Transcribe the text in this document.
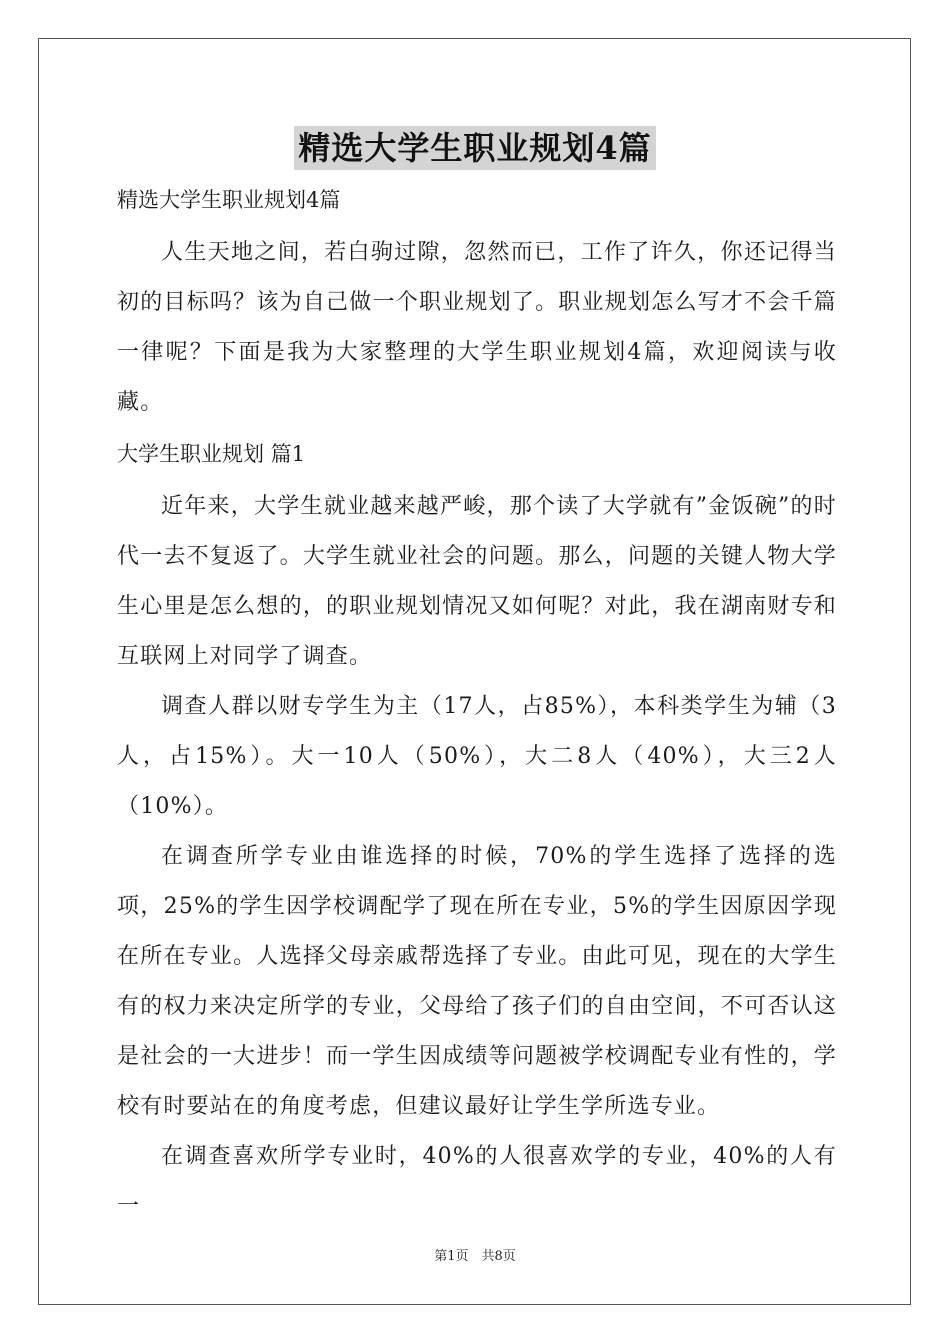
精选大学生职业规划4篇

精选大学生职业规划4篇

人生天地之间，若白驹过隙，忽然而已，工作了许久，你还记得当初的目标吗？该为自己做一个职业规划了。职业规划怎么写才不会千篇一律呢？下面是我为大家整理的大学生职业规划4篇，欢迎阅读与收藏。

大学生职业规划 篇1

近年来，大学生就业越来越严峻，那个读了大学就有”金饭碗”的时代一去不复返了。大学生就业社会的问题。那么，问题的关键人物大学生心里是怎么想的，的职业规划情况又如何呢？对此，我在湖南财专和互联网上对同学了调查。

调查人群以财专学生为主（17人，占85%），本科类学生为辅（3人，占15%）。大一10人（50%），大二8人（40%），大三2人（10%）。

在调查所学专业由谁选择的时候，70%的学生选择了选择的选项，25%的学生因学校调配学了现在所在专业，5%的学生因原因学现在所在专业。人选择父母亲戚帮选择了专业。由此可见，现在的大学生有的权力来决定所学的专业，父母给了孩子们的自由空间，不可否认这是社会的一大进步！而一学生因成绩等问题被学校调配专业有性的，学校有时要站在的角度考虑，但建议最好让学生学所选专业。

在调查喜欢所学专业时，40%的人很喜欢学的专业，40%的人有一

第1页　共8页
